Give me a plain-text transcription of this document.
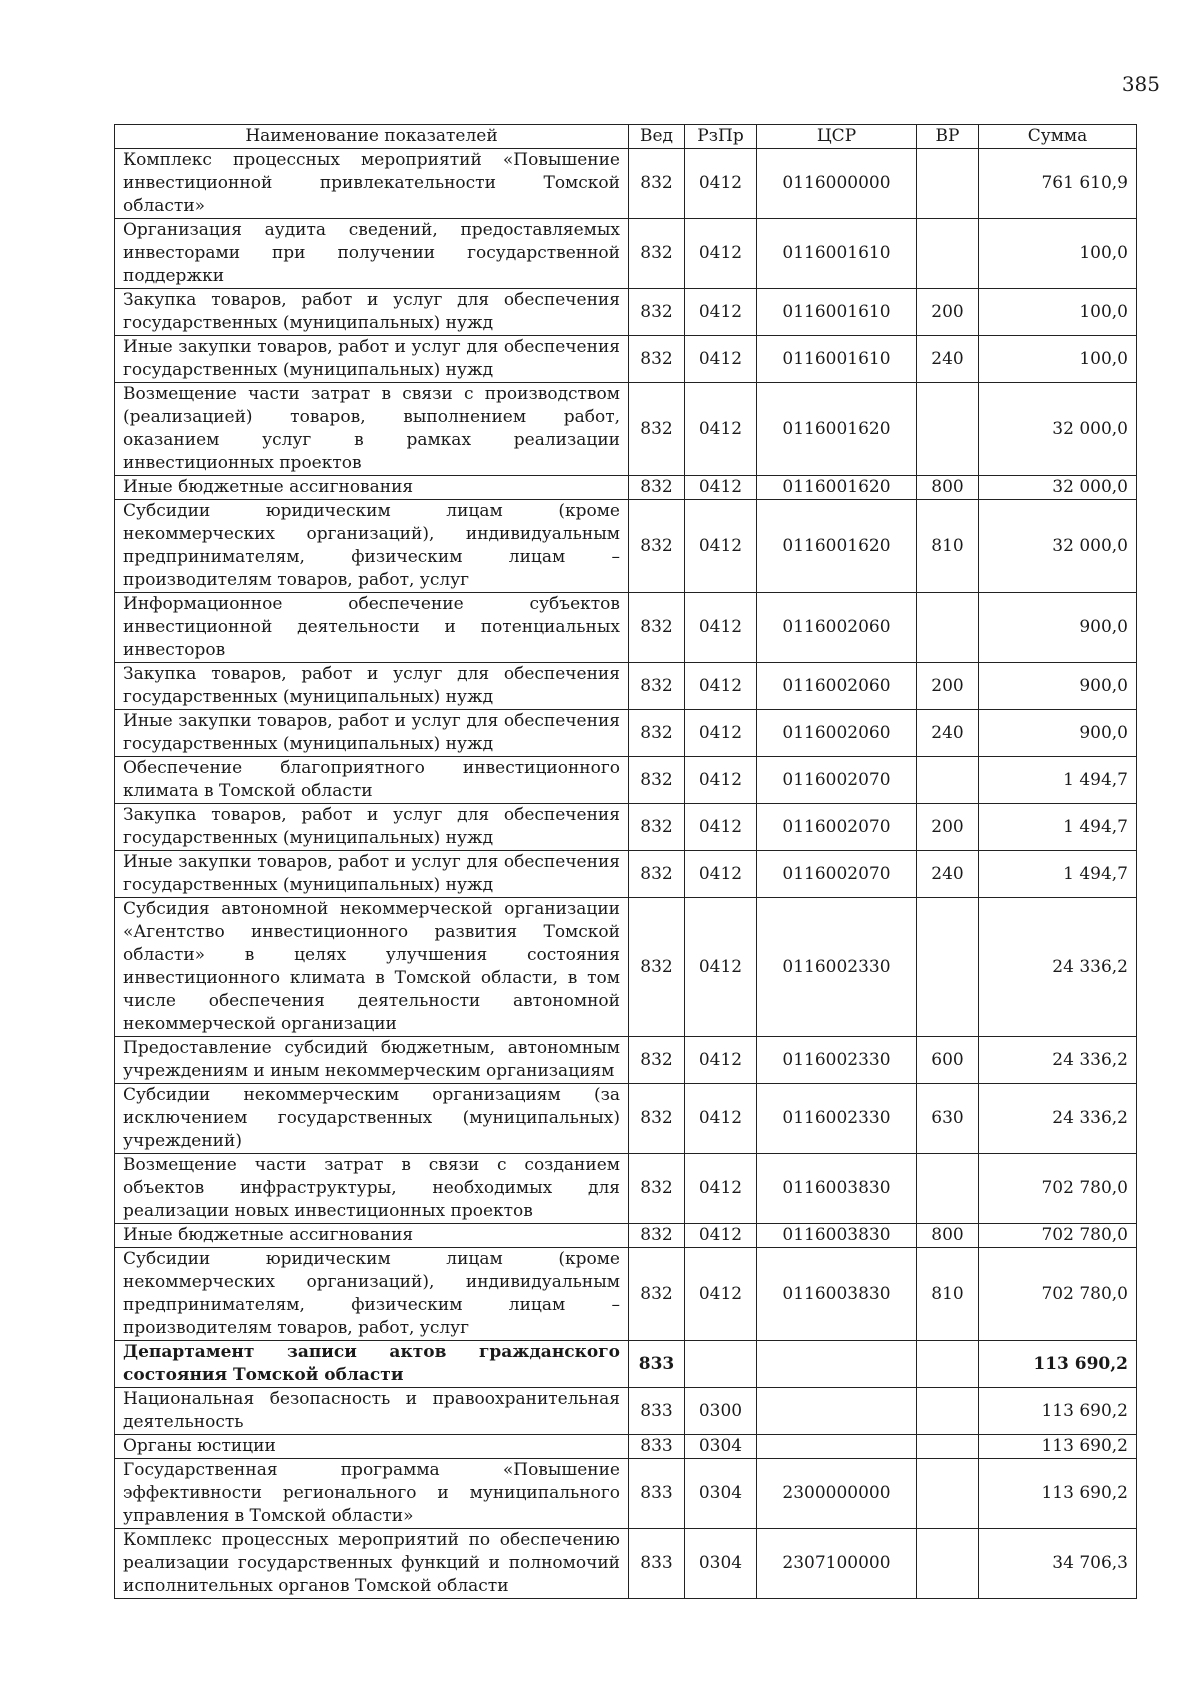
385
Наименование показателей	Вед	РзПр	ЦСР	ВР	Сумма
Комплекс процессных мероприятий «Повышение инвестиционной привлекательности Томской области»	832	0412	0116000000		761 610,9
Организация аудита сведений, предоставляемых инвесторами при получении государственной поддержки	832	0412	0116001610		100,0
Закупка товаров, работ и услуг для обеспечения государственных (муниципальных) нужд	832	0412	0116001610	200	100,0
Иные закупки товаров, работ и услуг для обеспечения государственных (муниципальных) нужд	832	0412	0116001610	240	100,0
Возмещение части затрат в связи с производством (реализацией) товаров, выполнением работ, оказанием услуг в рамках реализации инвестиционных проектов	832	0412	0116001620		32 000,0
Иные бюджетные ассигнования	832	0412	0116001620	800	32 000,0
Субсидии юридическим лицам (кроме некоммерческих организаций), индивидуальным предпринимателям, физическим лицам – производителям товаров, работ, услуг	832	0412	0116001620	810	32 000,0
Информационное обеспечение субъектов инвестиционной деятельности и потенциальных инвесторов	832	0412	0116002060		900,0
Закупка товаров, работ и услуг для обеспечения государственных (муниципальных) нужд	832	0412	0116002060	200	900,0
Иные закупки товаров, работ и услуг для обеспечения государственных (муниципальных) нужд	832	0412	0116002060	240	900,0
Обеспечение благоприятного инвестиционного климата в Томской области	832	0412	0116002070		1 494,7
Закупка товаров, работ и услуг для обеспечения государственных (муниципальных) нужд	832	0412	0116002070	200	1 494,7
Иные закупки товаров, работ и услуг для обеспечения государственных (муниципальных) нужд	832	0412	0116002070	240	1 494,7
Субсидия автономной некоммерческой организации «Агентство инвестиционного развития Томской области» в целях улучшения состояния инвестиционного климата в Томской области, в том числе обеспечения деятельности автономной некоммерческой организации	832	0412	0116002330		24 336,2
Предоставление субсидий бюджетным, автономным учреждениям и иным некоммерческим организациям	832	0412	0116002330	600	24 336,2
Субсидии некоммерческим организациям (за исключением государственных (муниципальных) учреждений)	832	0412	0116002330	630	24 336,2
Возмещение части затрат в связи с созданием объектов инфраструктуры, необходимых для реализации новых инвестиционных проектов	832	0412	0116003830		702 780,0
Иные бюджетные ассигнования	832	0412	0116003830	800	702 780,0
Субсидии юридическим лицам (кроме некоммерческих организаций), индивидуальным предпринимателям, физическим лицам – производителям товаров, работ, услуг	832	0412	0116003830	810	702 780,0
Департамент записи актов гражданского состояния Томской области	833				113 690,2
Национальная безопасность и правоохранительная деятельность	833	0300			113 690,2
Органы юстиции	833	0304			113 690,2
Государственная программа «Повышение эффективности регионального и муниципального управления в Томской области»	833	0304	2300000000		113 690,2
Комплекс процессных мероприятий по обеспечению реализации государственных функций и полномочий исполнительных органов Томской области	833	0304	2307100000		34 706,3
